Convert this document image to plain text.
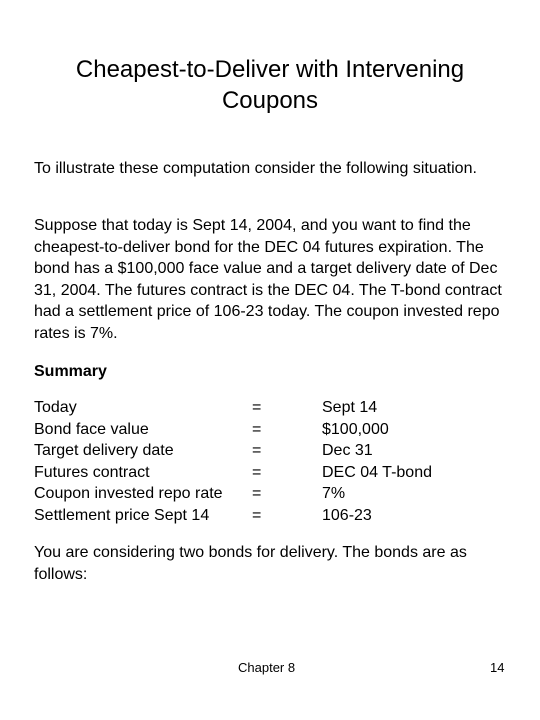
Cheapest-to-Deliver with Intervening
Coupons
To illustrate these computation consider the following situation.
Suppose that today is Sept 14, 2004, and you want to find the cheapest-to-deliver bond for the DEC 04 futures expiration. The bond has a $100,000 face value and a target delivery date of Dec 31, 2004. The futures contract is the DEC 04. The T-bond contract had a settlement price of 106-23 today. The coupon invested repo rates is 7%.
Summary
Today	=	Sept 14
Bond face value	=	$100,000
Target delivery date	=	Dec 31
Futures contract	=	DEC 04 T-bond
Coupon invested repo rate	=	7%
Settlement price Sept 14	=	106-23
You are considering two bonds for delivery. The bonds are as follows:
Chapter 8	14
